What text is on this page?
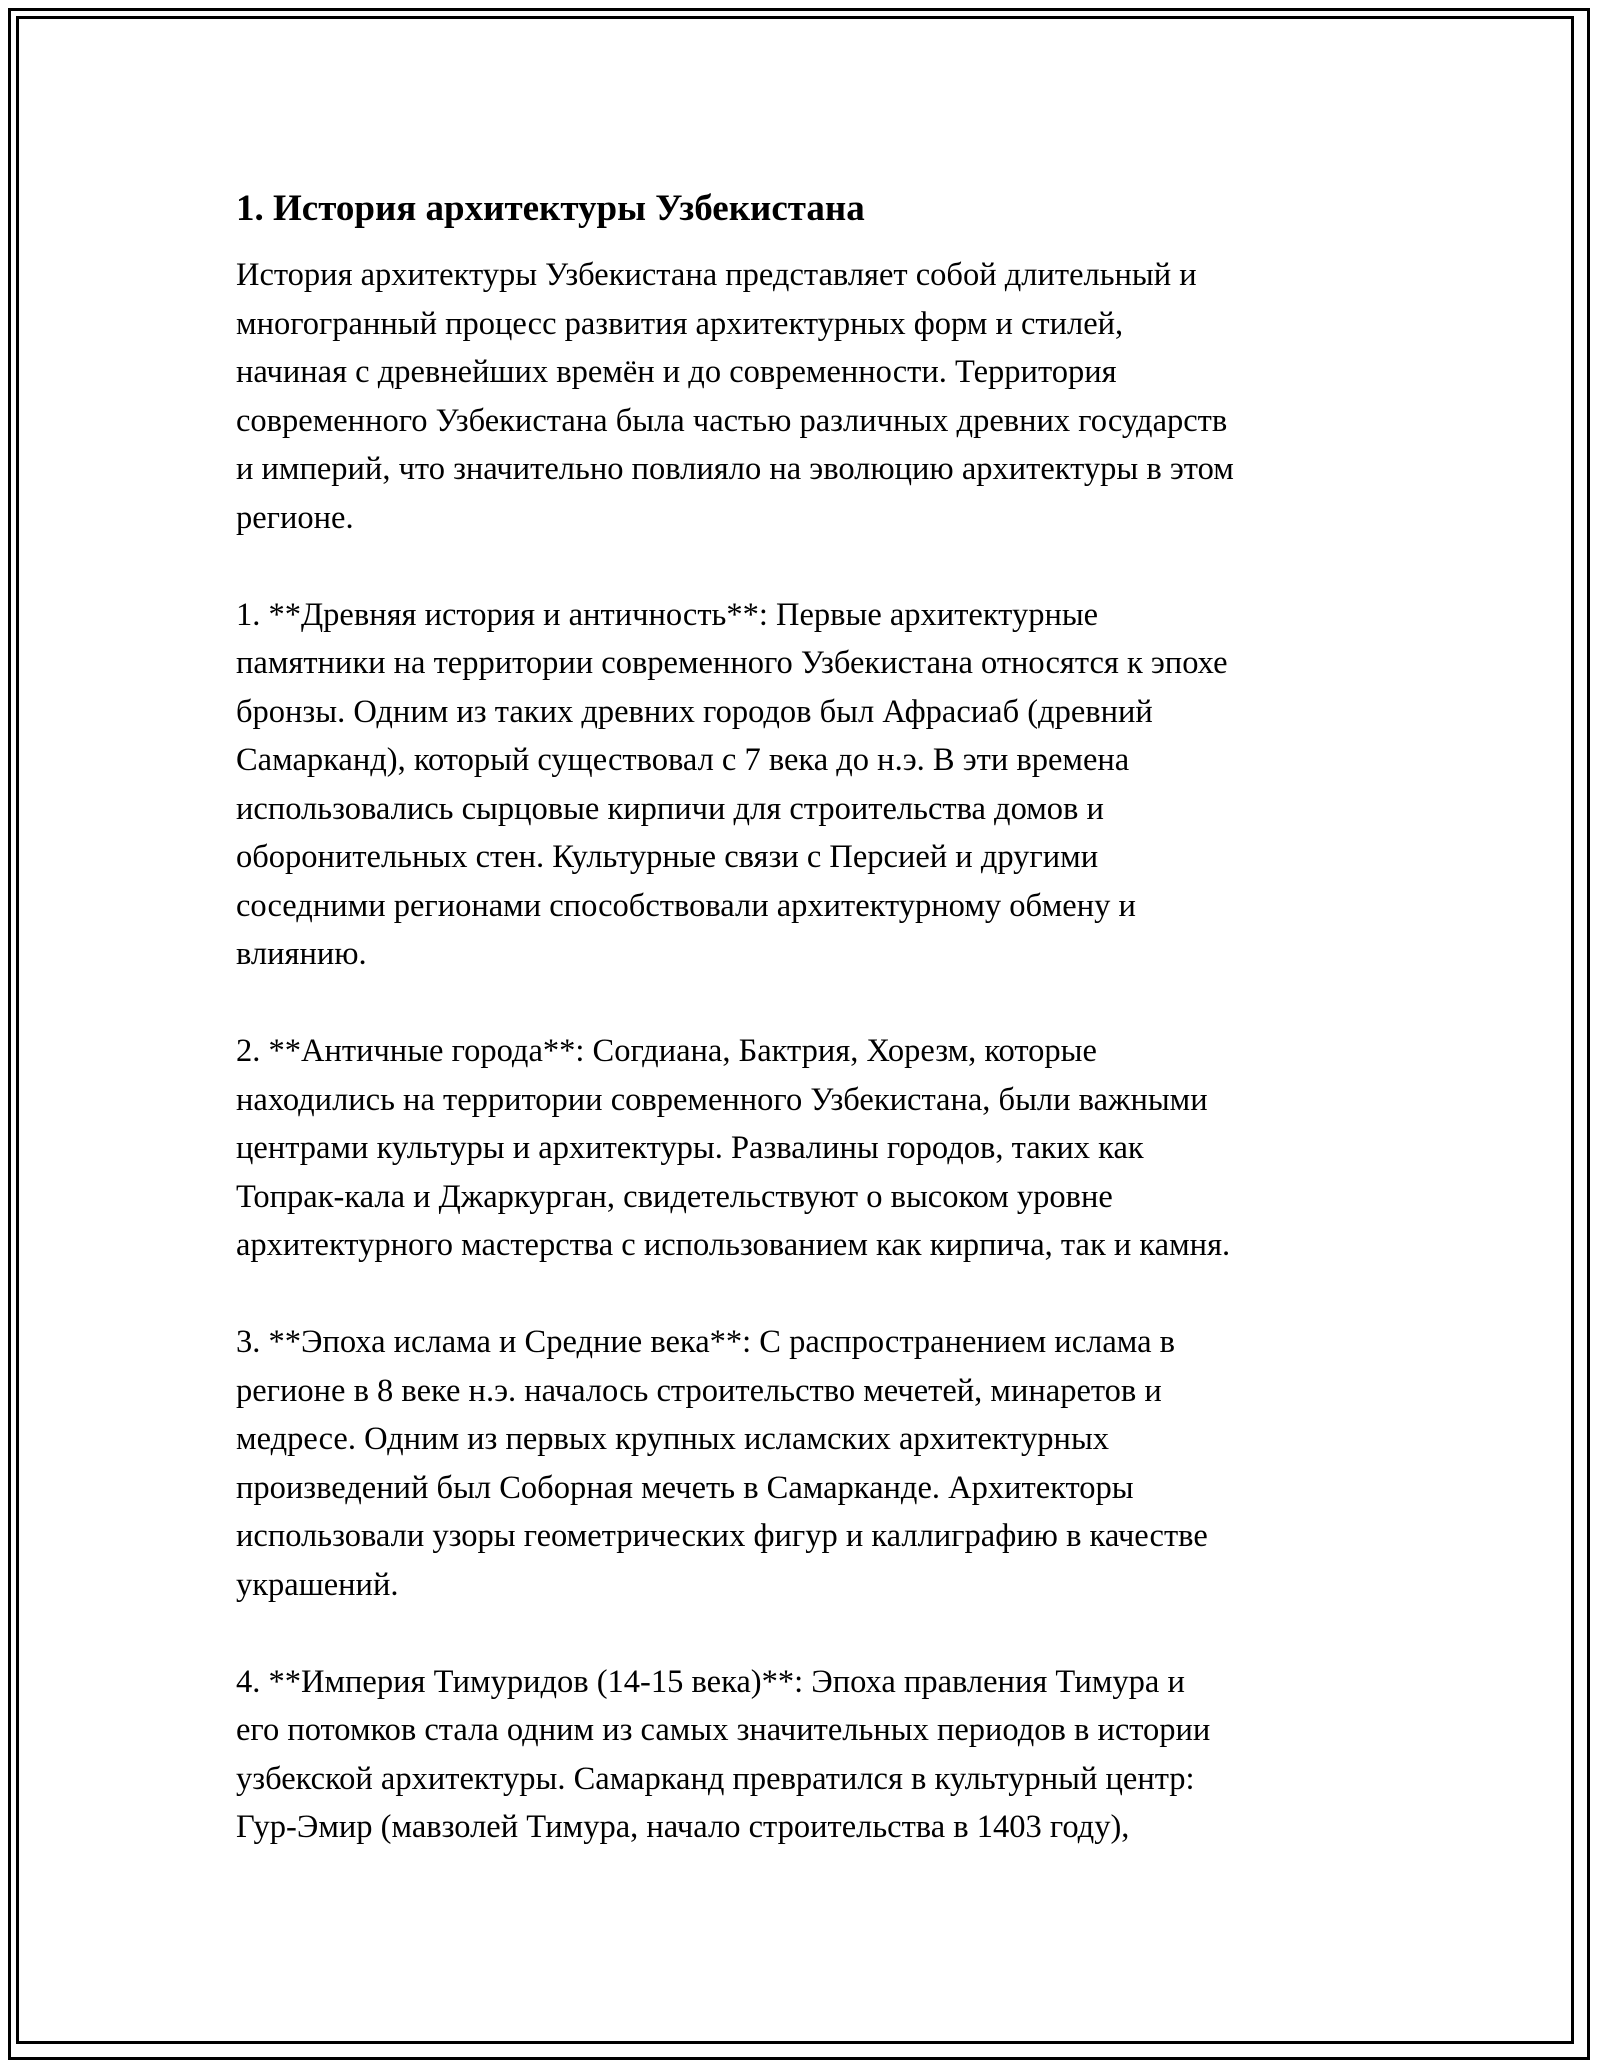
1. История архитектуры Узбекистана

История архитектуры Узбекистана представляет собой длительный и
многогранный процесс развития архитектурных форм и стилей,
начиная с древнейших времён и до современности. Территория
современного Узбекистана была частью различных древних государств
и империй, что значительно повлияло на эволюцию архитектуры в этом
регионе.

1. **Древняя история и античность**: Первые архитектурные
памятники на территории современного Узбекистана относятся к эпохе
бронзы. Одним из таких древних городов был Афрасиаб (древний
Самарканд), который существовал с 7 века до н.э. В эти времена
использовались сырцовые кирпичи для строительства домов и
оборонительных стен. Культурные связи с Персией и другими
соседними регионами способствовали архитектурному обмену и
влиянию.

2. **Античные города**: Согдиана, Бактрия, Хорезм, которые
находились на территории современного Узбекистана, были важными
центрами культуры и архитектуры. Развалины городов, таких как
Топрак-кала и Джаркурган, свидетельствуют о высоком уровне
архитектурного мастерства с использованием как кирпича, так и камня.

3. **Эпоха ислама и Средние века**: С распространением ислама в
регионе в 8 веке н.э. началось строительство мечетей, минаретов и
медресе. Одним из первых крупных исламских архитектурных
произведений был Соборная мечеть в Самарканде. Архитекторы
использовали узоры геометрических фигур и каллиграфию в качестве
украшений.

4. **Империя Тимуридов (14-15 века)**: Эпоха правления Тимура и
его потомков стала одним из самых значительных периодов в истории
узбекской архитектуры. Самарканд превратился в культурный центр:
Гур-Эмир (мавзолей Тимура, начало строительства в 1403 году),
